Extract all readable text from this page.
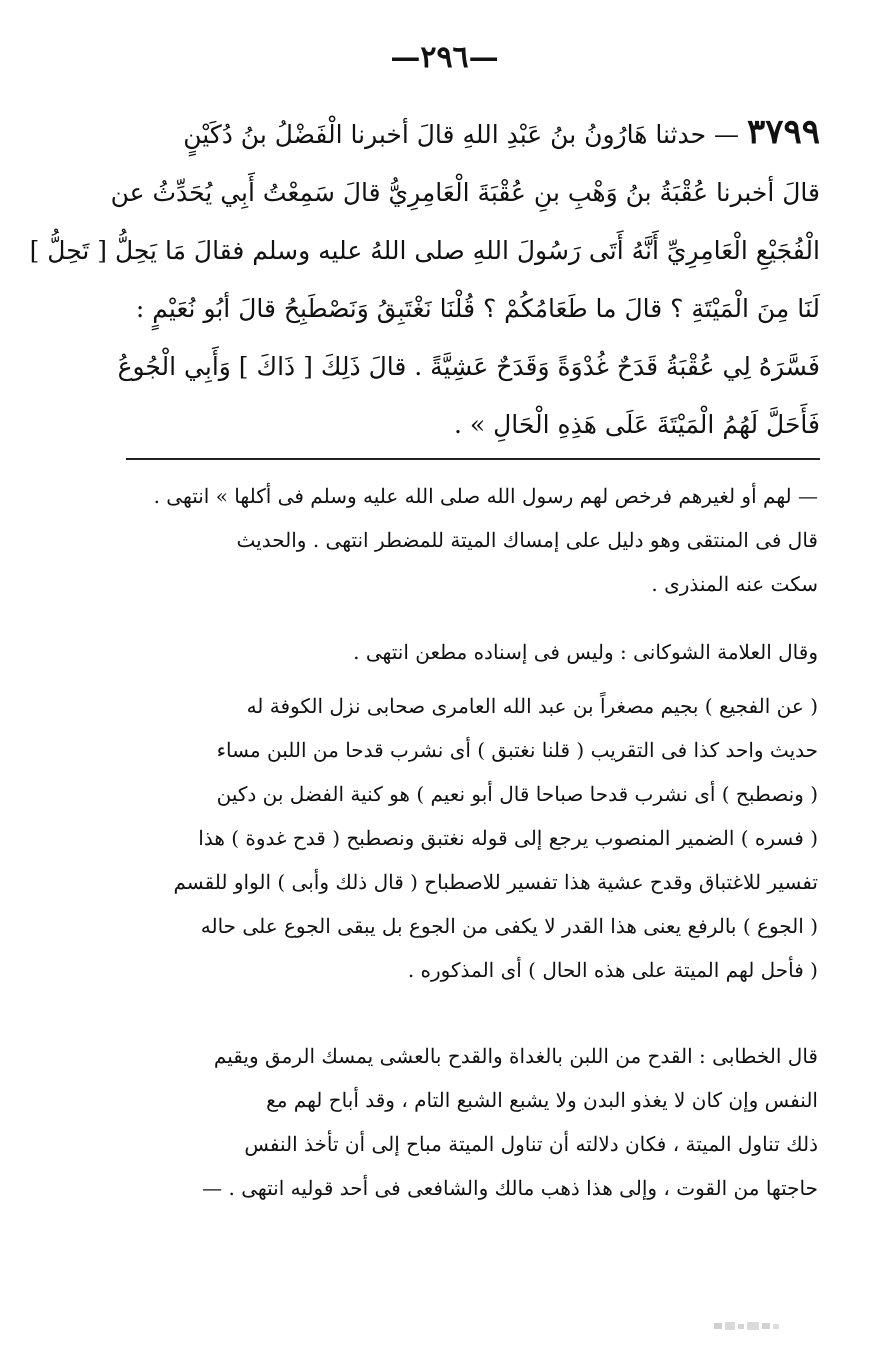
—٢٩٦—
٣٧٩٩ — حدثنا هَارُونُ بنُ عَبْدِ اللهِ قالَ أخبرنا الْفَضْلُ بنُ دُكَيْنٍ
قالَ أخبرنا عُقْبَةُ بنُ وَهْبِ بنِ عُقْبَةَ الْعَامِرِيُّ قالَ سَمِعْتُ أَبِي يُحَدِّثُ عن
الْفُجَيْعِ الْعَامِرِيِّ أَنَّهُ أَتَى رَسُولَ اللهِ صلى اللهُ عليه وسلم فقالَ مَا يَحِلُّ [ تَحِلُّ ]
لَنَا مِنَ الْمَيْتَةِ ؟ قالَ ما طَعَامُكُمْ ؟ قُلْنَا نَغْتَبِقُ وَنَصْطَبِحُ قالَ أبُو نُعَيْمٍ :
فَسَّرَهُ لِي عُقْبَةُ قَدَحٌ غُدْوَةً وَقَدَحٌ عَشِيَّةً . قالَ ذَلِكَ [ ذَاكَ ] وَأَبِي الْجُوعُ
فَأَحَلَّ لَهُمُ الْمَيْتَةَ عَلَى هَذِهِ الْحَالِ » .
— لهم أو لغيرهم فرخص لهم رسول الله صلى الله عليه وسلم فى أكلها » انتهى .
قال فى المنتقى وهو دليل على إمساك الميتة للمضطر انتهى . والحديث
سكت عنه المنذرى .
وقال العلامة الشوكانى : وليس فى إسناده مطعن انتهى .
( عن الفجيع ) بجيم مصغراً بن عبد الله العامرى صحابى نزل الكوفة له
حديث واحد كذا فى التقريب ( قلنا نغتبق ) أى نشرب قدحا من اللبن مساء
( ونصطبح ) أى نشرب قدحا صباحا قال أبو نعيم ) هو كنية الفضل بن دكين
( فسره ) الضمير المنصوب يرجع إلى قوله نغتبق ونصطبح ( قدح غدوة ) هذا
تفسير للاغتباق وقدح عشية هذا تفسير للاصطباح ( قال ذلك وأبى ) الواو للقسم
( الجوع ) بالرفع يعنى هذا القدر لا يكفى من الجوع بل يبقى الجوع على حاله
( فأحل لهم الميتة على هذه الحال ) أى المذكوره .
قال الخطابى : القدح من اللبن بالغداة والقدح بالعشى يمسك الرمق ويقيم
النفس وإن كان لا يغذو البدن ولا يشبع الشبع التام ، وقد أباح لهم مع
ذلك تناول الميتة ، فكان دلالته أن تناول الميتة مباح إلى أن تأخذ النفس
حاجتها من القوت ، وإلى هذا ذهب مالك والشافعى فى أحد قوليه انتهى . —
